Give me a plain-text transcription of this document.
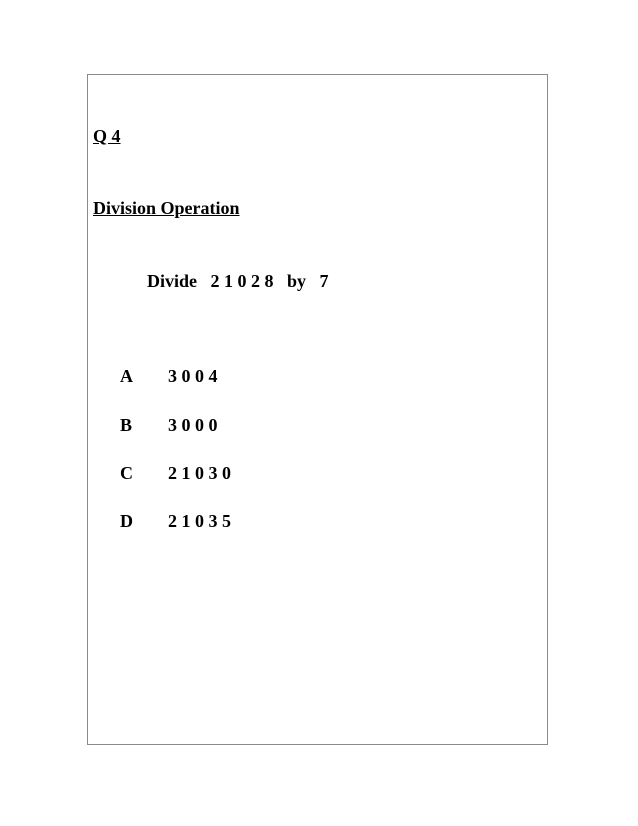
Q 4
Division Operation
Divide   2 1 0 2 8   by   7
A 3 0 0 4
B 3 0 0 0
C 2 1 0 3 0
D 2 1 0 3 5
